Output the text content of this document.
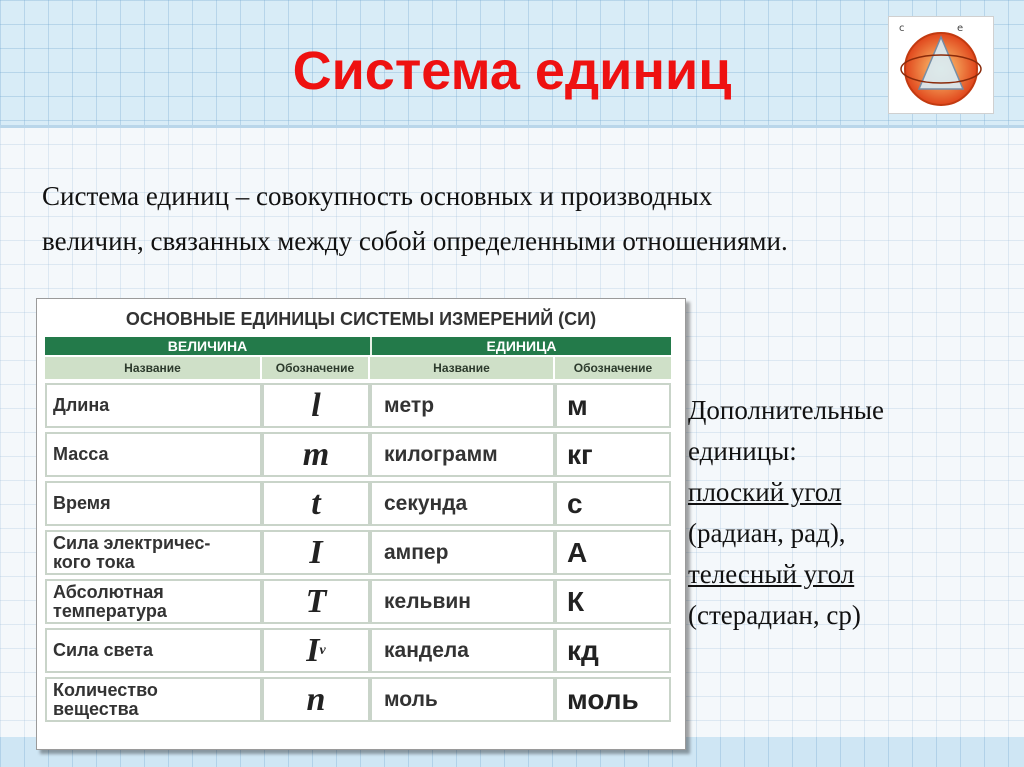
Система единиц
c	e
Система единиц – совокупность основных и производных
величин, связанных между собой определенными отношениями.
ОСНОВНЫЕ ЕДИНИЦЫ СИСТЕМЫ ИЗМЕРЕНИЙ (СИ)
ВЕЛИЧИНА	ЕДИНИЦА
Название	Обозначение	Название	Обозначение
Длина	l	метр	м
Масса	m	килограмм	кг
Время	t	секунда	с
Сила электричес-
кого тока	I	ампер	А
Абсолютная
температура	T	кельвин	К
Сила света	I v	кандела	кд
Количество
вещества	n	моль	моль
Дополнительные
единицы:
плоский угол
(радиан, рад),
телесный угол
(стерадиан, ср)
